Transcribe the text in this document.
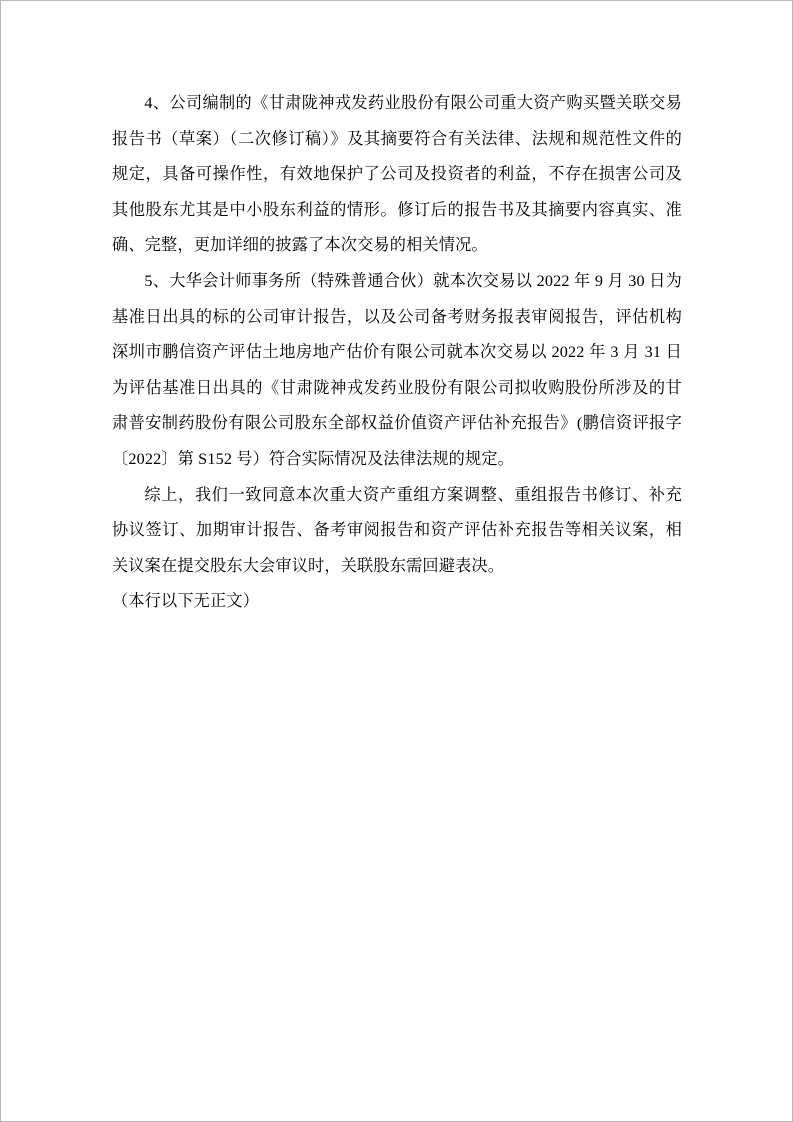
4、公司编制的《甘肃陇神戎发药业股份有限公司重大资产购买暨关联交易报告书（草案）（二次修订稿）》及其摘要符合有关法律、法规和规范性文件的规定，具备可操作性，有效地保护了公司及投资者的利益，不存在损害公司及其他股东尤其是中小股东利益的情形。修订后的报告书及其摘要内容真实、准确、完整，更加详细的披露了本次交易的相关情况。

5、大华会计师事务所（特殊普通合伙）就本次交易以 2022 年 9 月 30 日为基准日出具的标的公司审计报告，以及公司备考财务报表审阅报告，评估机构深圳市鹏信资产评估土地房地产估价有限公司就本次交易以 2022 年 3 月 31 日为评估基准日出具的《甘肃陇神戎发药业股份有限公司拟收购股份所涉及的甘肃普安制药股份有限公司股东全部权益价值资产评估补充报告》(鹏信资评报字〔2022〕第 S152 号）符合实际情况及法律法规的规定。

综上，我们一致同意本次重大资产重组方案调整、重组报告书修订、补充协议签订、加期审计报告、备考审阅报告和资产评估补充报告等相关议案，相关议案在提交股东大会审议时，关联股东需回避表决。

（本行以下无正文）
